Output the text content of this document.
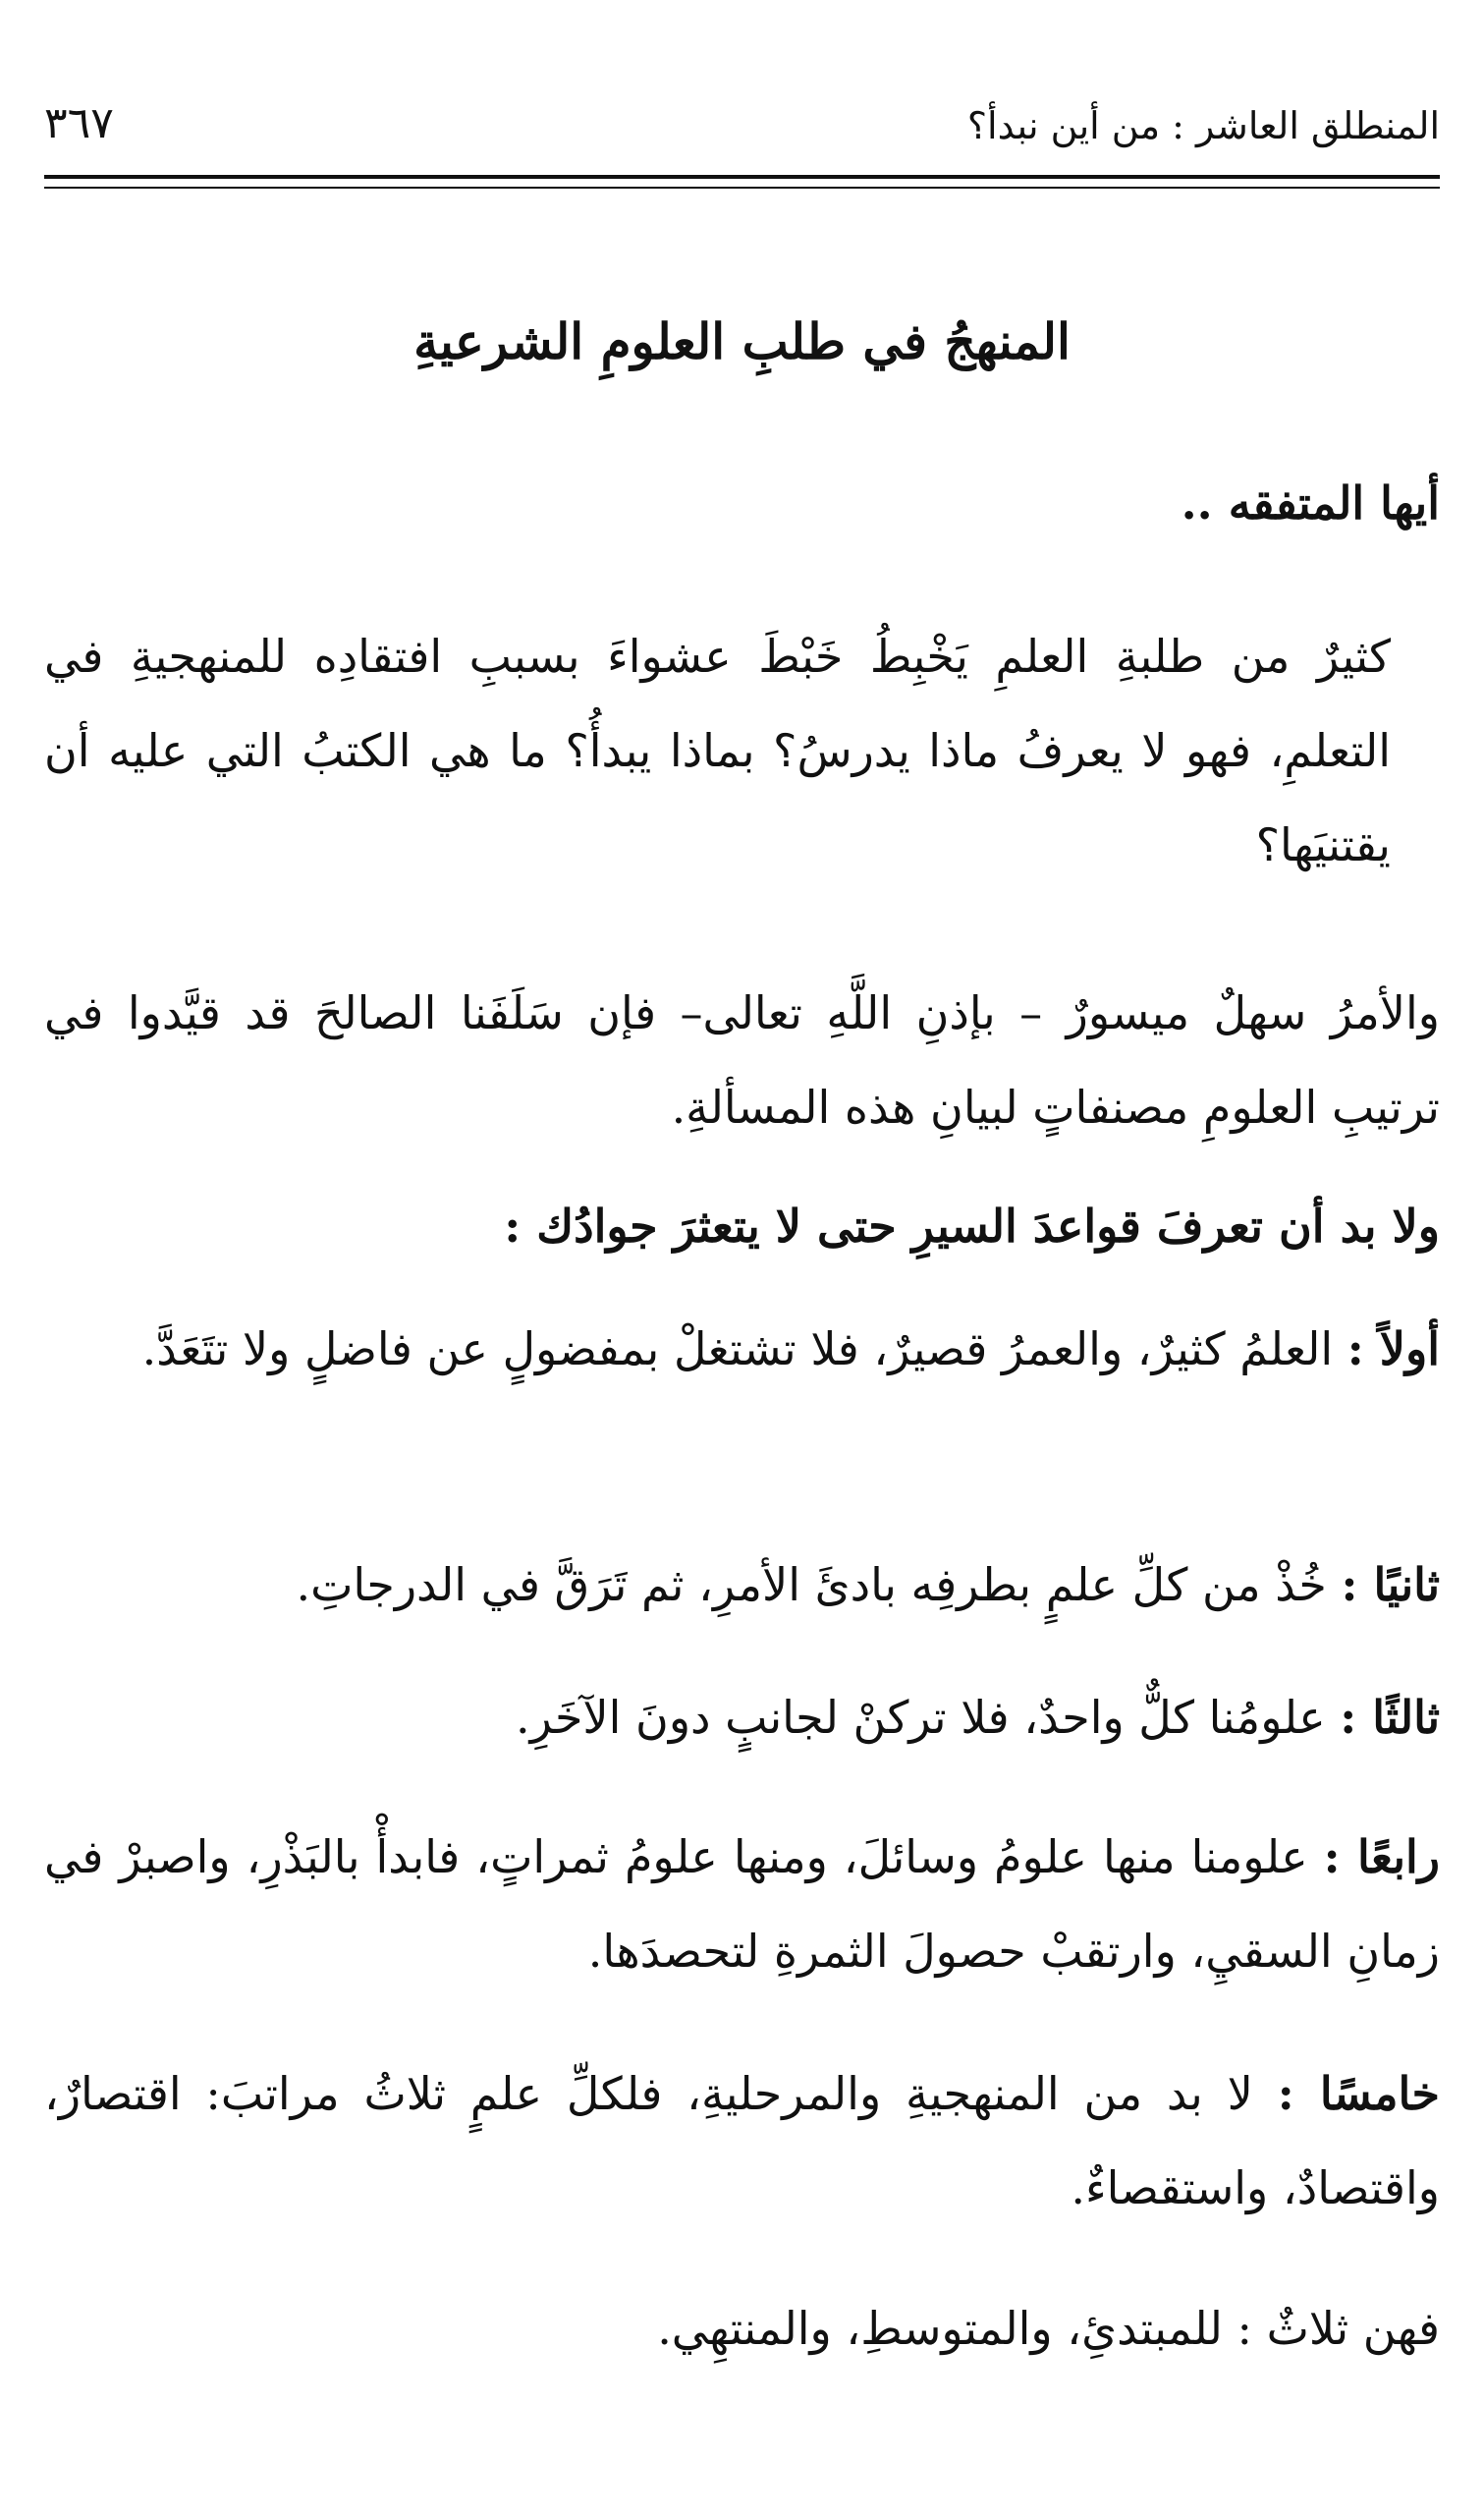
المنطلق العاشر : من أين نبدأ؟
٣٦٧
المنهجُ في طلبِ العلومِ الشرعيةِ
أيها المتفقه ..
كثيرٌ من طلبةِ العلمِ يَخْبِطُ خَبْطَ عشواءَ بسببِ افتقادِه للمنهجيةِ في التعلمِ، فهو لا يعرفُ ماذا يدرسُ؟ بماذا يبدأُ؟ ما هي الكتبُ التي عليه أن يقتنيَها؟
والأمرُ سهلٌ ميسورٌ – بإذنِ اللَّهِ تعالى– فإن سَلَفَنا الصالحَ قد قيَّدوا في ترتيبِ العلومِ مصنفاتٍ لبيانِ هذه المسألةِ.
ولا بد أن تعرفَ قواعدَ السيرِ حتى لا يتعثرَ جوادُك :
أولاً : العلمُ كثيرٌ، والعمرُ قصيرٌ، فلا تشتغلْ بمفضولٍ عن فاضلٍ ولا تتَعَدَّ.
ثانيًا : خُذْ من كلِّ علمٍ بطرفِه بادئَ الأمرِ، ثم تَرَقَّ في الدرجاتِ.
ثالثًا : علومُنا كلٌّ واحدٌ، فلا تركنْ لجانبٍ دونَ الآخَرِ.
رابعًا : علومنا منها علومُ وسائلَ، ومنها علومُ ثمراتٍ، فابدأْ بالبَذْرِ، واصبرْ في زمانِ السقيِ، وارتقبْ حصولَ الثمرةِ لتحصدَها.
خامسًا : لا بد من المنهجيةِ والمرحليةِ، فلكلِّ علمٍ ثلاثُ مراتبَ: اقتصارٌ، واقتصادٌ، واستقصاءٌ.
فهن ثلاثٌ : للمبتدئِ، والمتوسطِ، والمنتهِي.
